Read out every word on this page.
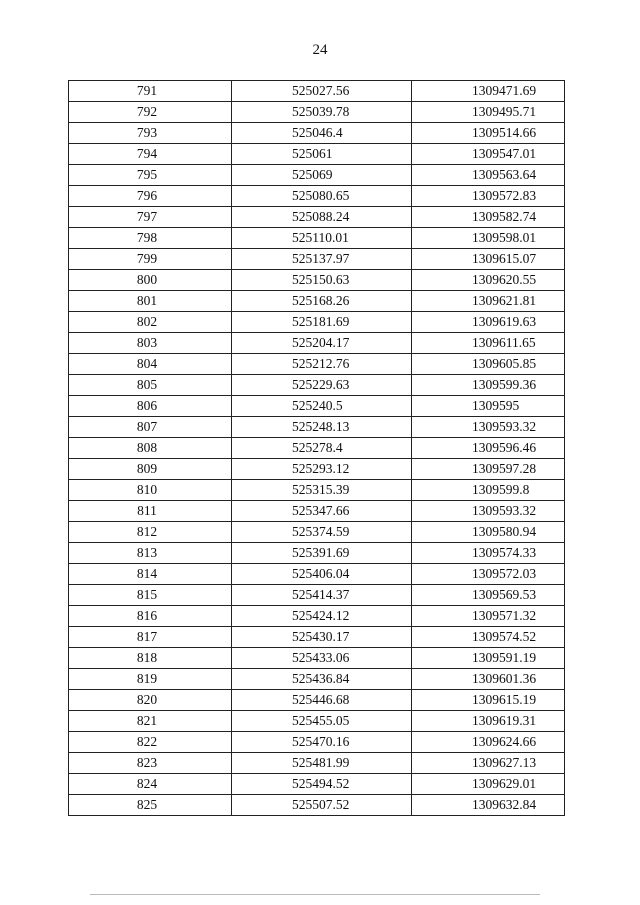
24
791	525027.56	1309471.69
792	525039.78	1309495.71
793	525046.4	1309514.66
794	525061	1309547.01
795	525069	1309563.64
796	525080.65	1309572.83
797	525088.24	1309582.74
798	525110.01	1309598.01
799	525137.97	1309615.07
800	525150.63	1309620.55
801	525168.26	1309621.81
802	525181.69	1309619.63
803	525204.17	1309611.65
804	525212.76	1309605.85
805	525229.63	1309599.36
806	525240.5	1309595
807	525248.13	1309593.32
808	525278.4	1309596.46
809	525293.12	1309597.28
810	525315.39	1309599.8
811	525347.66	1309593.32
812	525374.59	1309580.94
813	525391.69	1309574.33
814	525406.04	1309572.03
815	525414.37	1309569.53
816	525424.12	1309571.32
817	525430.17	1309574.52
818	525433.06	1309591.19
819	525436.84	1309601.36
820	525446.68	1309615.19
821	525455.05	1309619.31
822	525470.16	1309624.66
823	525481.99	1309627.13
824	525494.52	1309629.01
825	525507.52	1309632.84
